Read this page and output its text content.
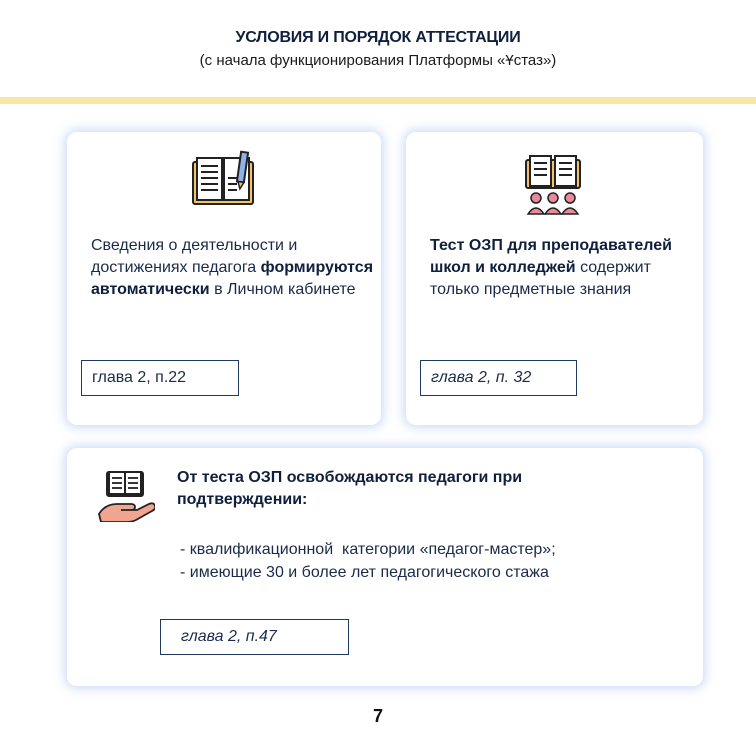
УСЛОВИЯ И ПОРЯДОК АТТЕСТАЦИИ
(с начала функционирования Платформы «Ұстаз»)
Сведения о деятельности и достижениях педагога формируются автоматически в Личном кабинете
глава 2, п.22
Тест ОЗП для преподавателей школ и колледжей содержит только предметные знания
глава 2, п. 32
От теста ОЗП освобождаются педагоги при подтверждении:
- квалификационной  категории «педагог-мастер»;
- имеющие 30 и более лет педагогического стажа
глава 2, п.47
7
